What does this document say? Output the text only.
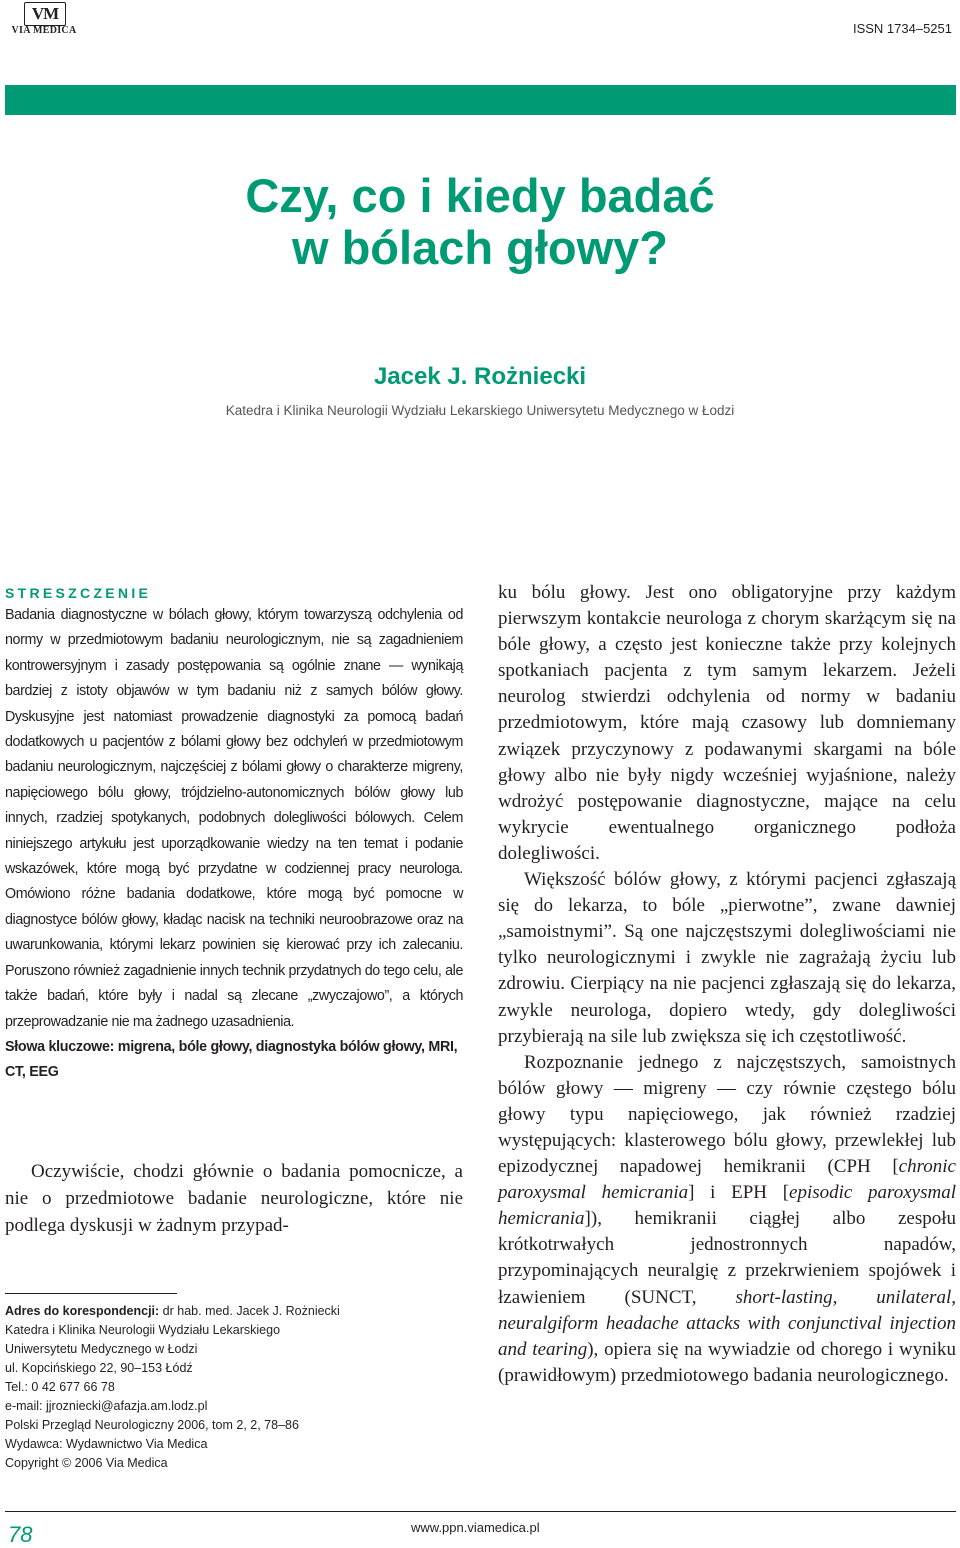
VM
VIA MEDICA	ISSN 1734–5251
Czy, co i kiedy badać
w bólach głowy?
Jacek J. Rożniecki
Katedra i Klinika Neurologii Wydziału Lekarskiego Uniwersytetu Medycznego w Łodzi
STRESZCZENIE

Badania diagnostyczne w bólach głowy, którym towarzyszą odchylenia od normy w przedmiotowym badaniu neurologicznym, nie są zagadnieniem kontrowersyjnym i zasady postępowania są ogólnie znane — wynikają bardziej z istoty objawów w tym badaniu niż z samych bólów głowy. Dyskusyjne jest natomiast prowadzenie diagnostyki za pomocą badań dodatkowych u pacjentów z bólami głowy bez odchyleń w przedmiotowym badaniu neurologicznym, najczęściej z bólami głowy o charakterze migreny, napięciowego bólu głowy, trójdzielno-autonomicznych bólów głowy lub innych, rzadziej spotykanych, podobnych dolegliwości bólowych. Celem niniejszego artykułu jest uporządkowanie wiedzy na ten temat i podanie wskazówek, które mogą być przydatne w codziennej pracy neurologa. Omówiono różne badania dodatkowe, które mogą być pomocne w diagnostyce bólów głowy, kładąc nacisk na techniki neuroobrazowe oraz na uwarunkowania, którymi lekarz powinien się kierować przy ich zalecaniu. Poruszono również zagadnienie innych technik przydatnych do tego celu, ale także badań, które były i nadal są zlecane „zwyczajowo”, a których przeprowadzanie nie ma żadnego uzasadnienia.

Słowa kluczowe: migrena, bóle głowy, diagnostyka bólów głowy, MRI, CT, EEG

Oczywiście, chodzi głównie o badania pomocnicze, a nie o przedmiotowe badanie neurologiczne, które nie podlega dyskusji w żadnym przypad-

Adres do korespondencji: dr hab. med. Jacek J. Rożniecki
Katedra i Klinika Neurologii Wydziału Lekarskiego
Uniwersytetu Medycznego w Łodzi
ul. Kopcińskiego 22, 90–153 Łódź
Tel.: 0 42 677 66 78
e-mail: jjrozniecki@afazja.am.lodz.pl
Polski Przegląd Neurologiczny 2006, tom 2, 2, 78–86
Wydawca: Wydawnictwo Via Medica
Copyright © 2006 Via Medica

ku bólu głowy. Jest ono obligatoryjne przy każdym pierwszym kontakcie neurologa z chorym skarżącym się na bóle głowy, a często jest konieczne także przy kolejnych spotkaniach pacjenta z tym samym lekarzem. Jeżeli neurolog stwierdzi odchylenia od normy w badaniu przedmiotowym, które mają czasowy lub domniemany związek przyczynowy z podawanymi skargami na bóle głowy albo nie były nigdy wcześniej wyjaśnione, należy wdrożyć postępowanie diagnostyczne, mające na celu wykrycie ewentualnego organicznego podłoża dolegliwości.

Większość bólów głowy, z którymi pacjenci zgłaszają się do lekarza, to bóle „pierwotne”, zwane dawniej „samoistnymi”. Są one najczęstszymi dolegliwościami nie tylko neurologicznymi i zwykle nie zagrażają życiu lub zdrowiu. Cierpiący na nie pacjenci zgłaszają się do lekarza, zwykle neurologa, dopiero wtedy, gdy dolegliwości przybierają na sile lub zwiększa się ich częstotliwość.

Rozpoznanie jednego z najczęstszych, samoistnych bólów głowy — migreny — czy równie częstego bólu głowy typu napięciowego, jak również rzadziej występujących: klasterowego bólu głowy, przewlekłej lub epizodycznej napadowej hemikranii (CPH [chronic paroxysmal hemicrania] i EPH [episodic paroxysmal hemicrania]), hemikranii ciągłej albo zespołu krótkotrwałych jednostronnych napadów, przypominających neuralgię z przekrwieniem spojówek i łzawieniem (SUNCT, short-lasting, unilateral, neuralgiform headache attacks with conjunctival injection and tearing), opiera się na wywiadzie od chorego i wyniku (prawidłowym) przedmiotowego badania neurologicznego.

78	www.ppn.viamedica.pl
